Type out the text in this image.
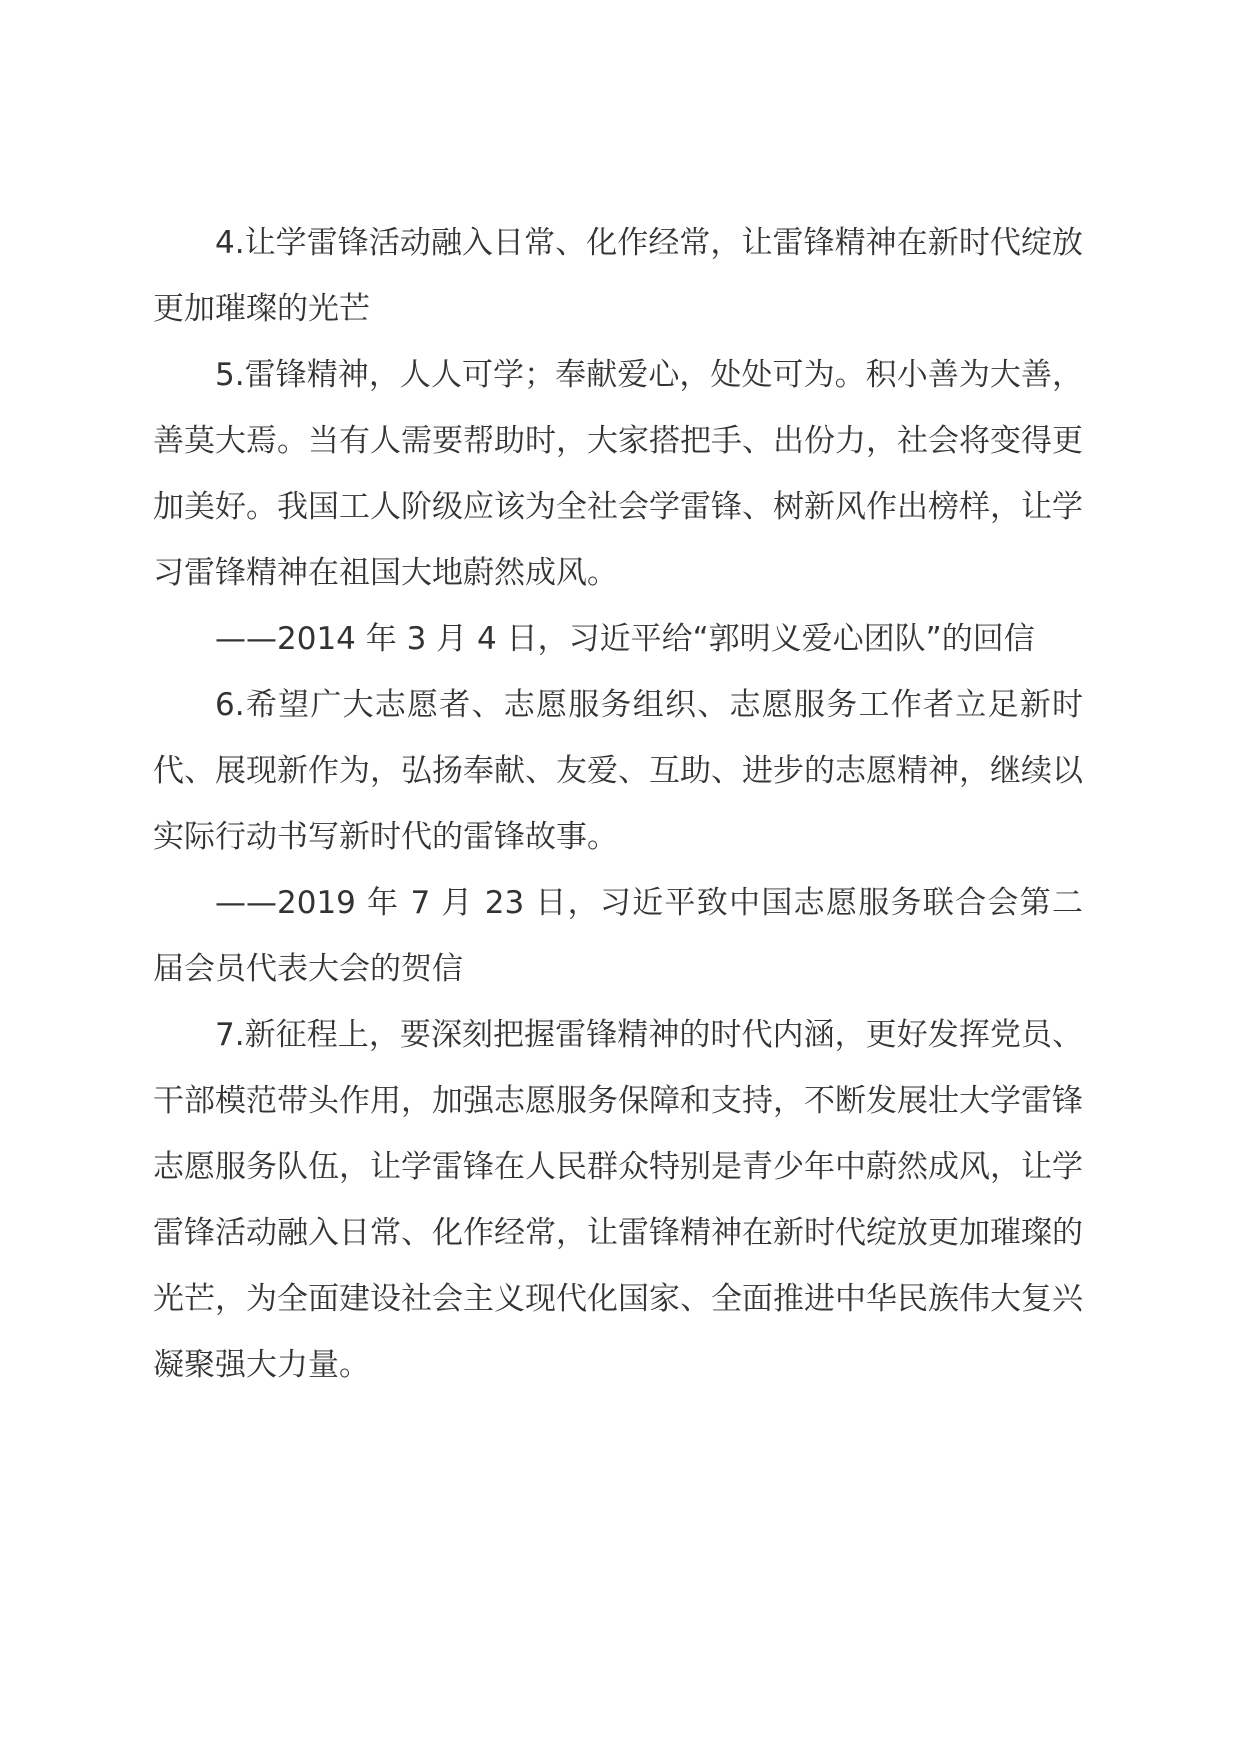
4.让学雷锋活动融入日常、化作经常，让雷锋精神在新时代绽放更加璀璨的光芒

5.雷锋精神，人人可学；奉献爱心，处处可为。积小善为大善，善莫大焉。当有人需要帮助时，大家搭把手、出份力，社会将变得更加美好。我国工人阶级应该为全社会学雷锋、树新风作出榜样，让学习雷锋精神在祖国大地蔚然成风。

——2014 年 3 月 4 日，习近平给“郭明义爱心团队”的回信

6.希望广大志愿者、志愿服务组织、志愿服务工作者立足新时代、展现新作为，弘扬奉献、友爱、互助、进步的志愿精神，继续以实际行动书写新时代的雷锋故事。

——2019 年 7 月 23 日，习近平致中国志愿服务联合会第二届会员代表大会的贺信

7.新征程上，要深刻把握雷锋精神的时代内涵，更好发挥党员、干部模范带头作用，加强志愿服务保障和支持，不断发展壮大学雷锋志愿服务队伍，让学雷锋在人民群众特别是青少年中蔚然成风，让学雷锋活动融入日常、化作经常，让雷锋精神在新时代绽放更加璀璨的光芒，为全面建设社会主义现代化国家、全面推进中华民族伟大复兴凝聚强大力量。
